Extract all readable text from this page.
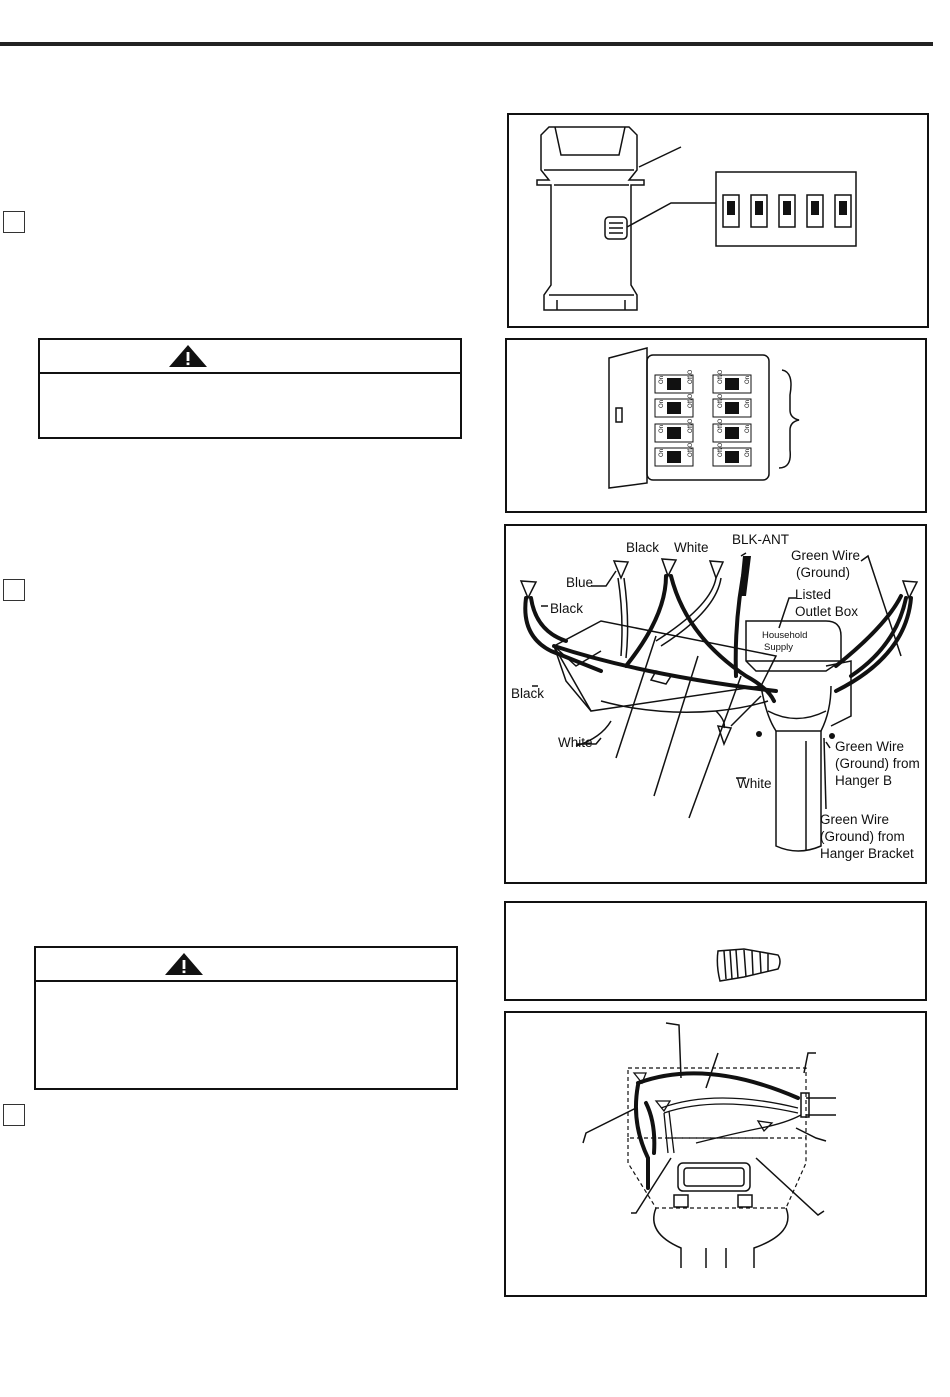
On
On
On
On
On
On
On
On
Off/O
Off/O
Off/O
Off/O
Off/O
Off/O
Off/O
Off/O
Black White
BLK-ANT
Green Wire
(Ground)
Blue
Listed
Outlet Box
Black
Black
White	Green Wire
(Ground) from
Hanger B
White
Green Wire
(Ground) from
Hanger Bracket
Household
Supply
